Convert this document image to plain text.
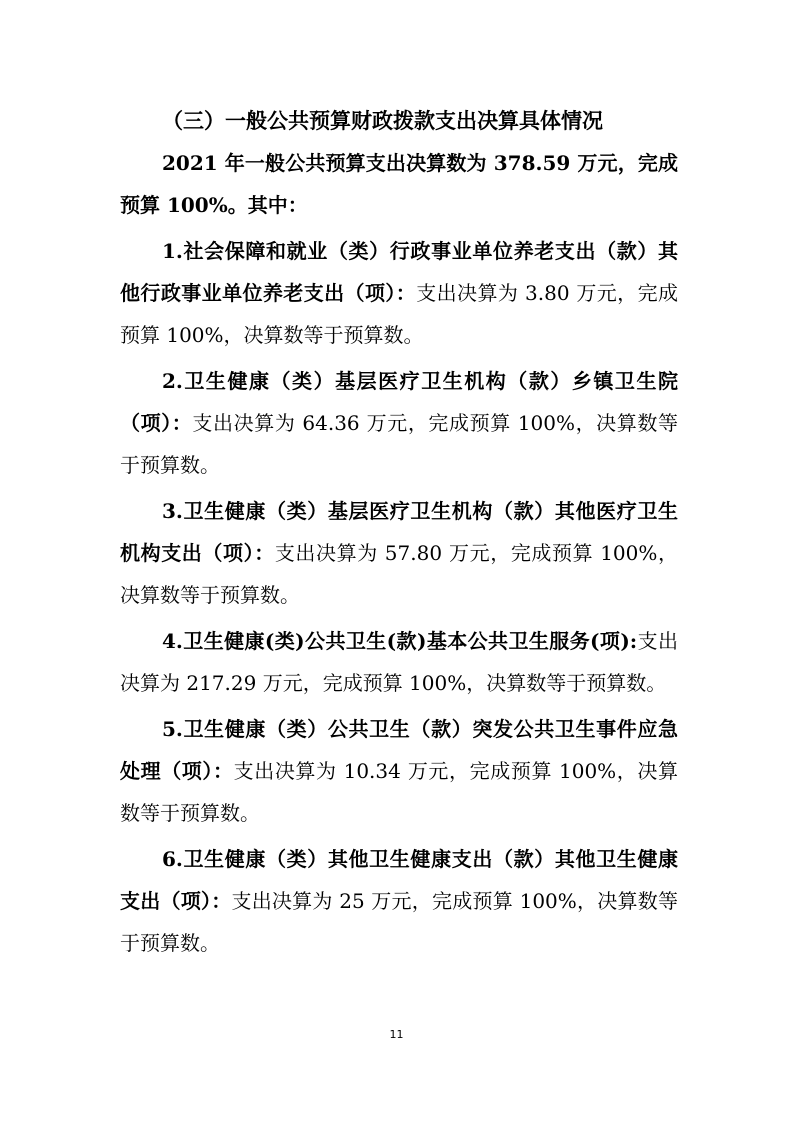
（三）一般公共预算财政拨款支出决算具体情况

2021 年一般公共预算支出决算数为 378.59 万元，完成预算 100%。其中：

1.社会保障和就业（类）行政事业单位养老支出（款）其他行政事业单位养老支出（项）：支出决算为 3.80 万元，完成预算 100%，决算数等于预算数。

2.卫生健康（类）基层医疗卫生机构（款）乡镇卫生院（项）：支出决算为 64.36 万元，完成预算 100%，决算数等于预算数。

3.卫生健康（类）基层医疗卫生机构（款）其他医疗卫生机构支出（项）：支出决算为 57.80 万元，完成预算 100%，决算数等于预算数。

4.卫生健康(类)公共卫生(款)基本公共卫生服务(项):支出决算为 217.29 万元，完成预算 100%，决算数等于预算数。

5.卫生健康（类）公共卫生（款）突发公共卫生事件应急处理（项）：支出决算为 10.34 万元，完成预算 100%，决算数等于预算数。

6.卫生健康（类）其他卫生健康支出（款）其他卫生健康支出（项）：支出决算为 25 万元，完成预算 100%，决算数等于预算数。

11
